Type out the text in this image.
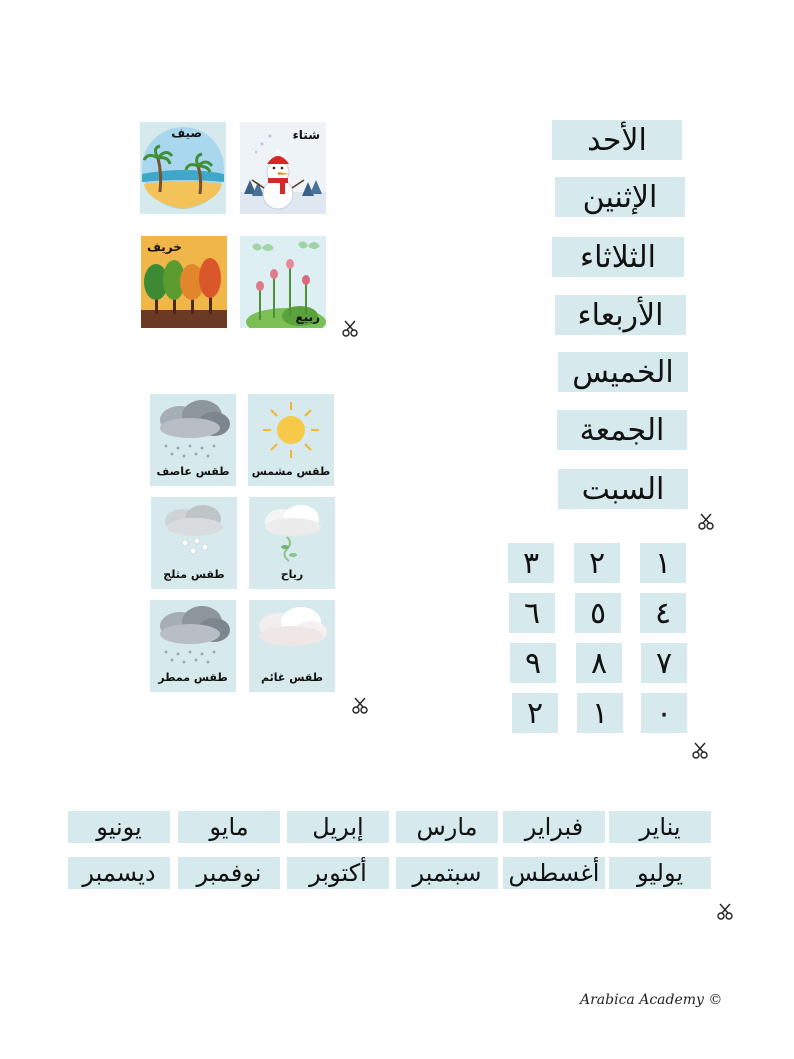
الأحد
الإثنين
الثلاثاء
الأربعاء
الخميس
الجمعة
السبت
١
٢
٣
٤
٥
٦
٧
٨
٩
٠
١
٢
شتاء
صيف
ربيع
خريف
طقس مشمس
طقس عاصف
رياح
طقس مثلج
طقس غائم
طقس ممطر
يناير
فبراير
مارس
إبريل
مايو
يونيو
يوليو
أغسطس
سبتمبر
أكتوبر
نوفمبر
ديسمبر
Arabica Academy ©
